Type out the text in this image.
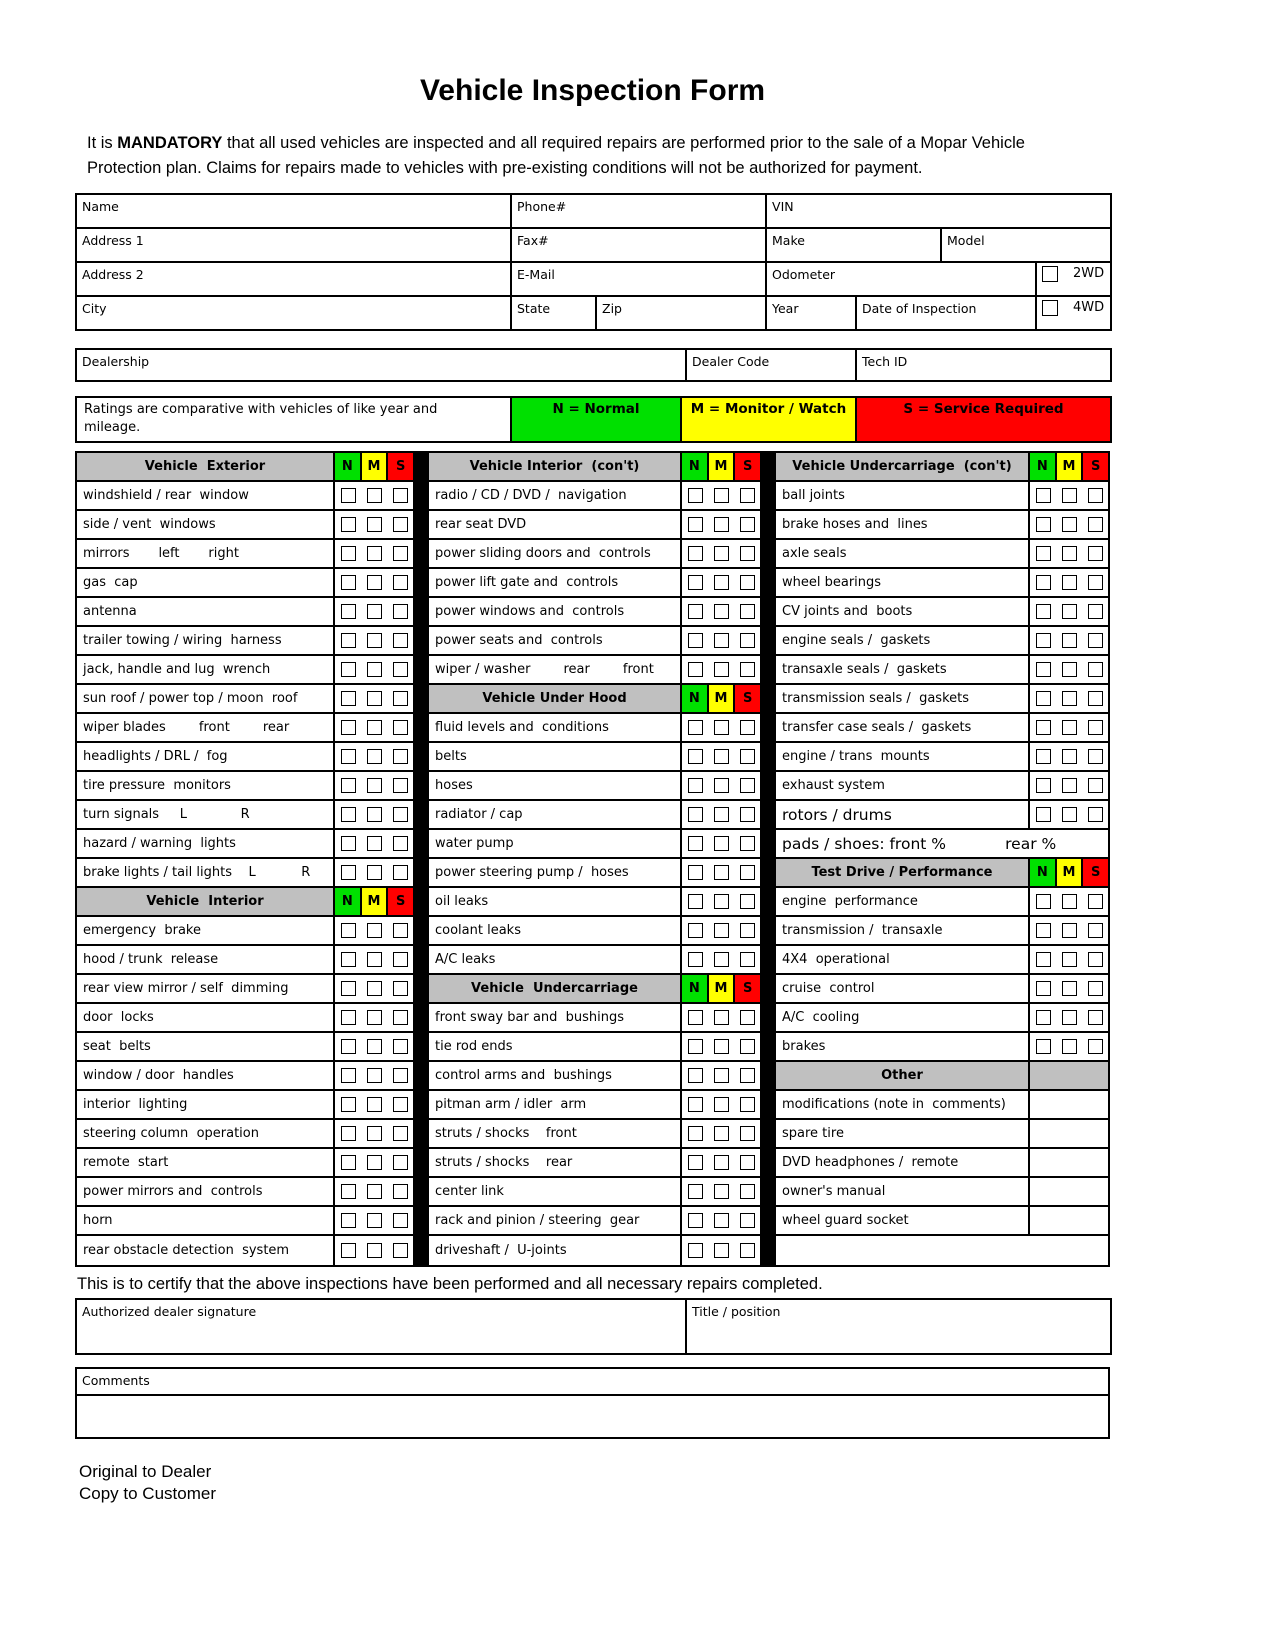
Vehicle Inspection Form

It is MANDATORY that all used vehicles are inspected and all required repairs are performed prior to the sale of a Mopar Vehicle Protection plan. Claims for repairs made to vehicles with pre-existing conditions will not be authorized for payment.

Name	Phone#		VIN			
Address 1	Fax#		Make		Model	
Address 2	E-Mail		Odometer			2WD

City	State	Zip	Year	Date of Inspection		4WD
Dealership	Dealer Code	Tech ID
Ratings are comparative with vehicles of like year and mileage.	N = Normal	M = Monitor / Watch	S = Service Required
Vehicle  Exterior	N	M	S
windshield / rear  window
side / vent  windows
mirrors       left       right
gas  cap
antenna
trailer towing / wiring  harness
jack, handle and lug  wrench
sun roof / power top / moon  roof
wiper blades        front        rear
headlights / DRL /  fog
tire pressure  monitors
turn signals     L             R
hazard / warning  lights
brake lights / tail lights    L           R
Vehicle  Interior	N	M	S
emergency  brake
hood / trunk  release
rear view mirror / self  dimming
door  locks
seat  belts
window / door  handles
interior  lighting
steering column  operation
remote  start
power mirrors and  controls
horn
rear obstacle detection  system
Vehicle Interior  (con't)	N	M	S
radio / CD / DVD /  navigation
rear seat DVD
power sliding doors and  controls
power lift gate and  controls
power windows and  controls
power seats and  controls
wiper / washer        rear        front
Vehicle Under Hood	N	M	S
fluid levels and  conditions
belts
hoses
radiator / cap
water pump
power steering pump /  hoses
oil leaks
coolant leaks
A/C leaks
Vehicle  Undercarriage	N	M	S
front sway bar and  bushings
tie rod ends
control arms and  bushings
pitman arm / idler  arm
struts / shocks    front
struts / shocks    rear
center link
rack and pinion / steering  gear
driveshaft /  U-joints
Vehicle Undercarriage  (con't)	N	M	S
ball joints
brake hoses and  lines
axle seals
wheel bearings
CV joints and  boots
engine seals /  gaskets
transaxle seals /  gaskets
transmission seals /  gaskets
transfer case seals /  gaskets
engine / trans  mounts
exhaust system
rotors / drums
pads / shoes: front %            rear %
Test Drive / Performance	N	M	S
engine  performance
transmission /  transaxle
4X4  operational
cruise  control
A/C  cooling
brakes
Other
modifications (note in  comments)
spare tire
DVD headphones /  remote
owner's manual
wheel guard socket

This is to certify that the above inspections have been performed and all necessary repairs completed.

Authorized dealer signature	Title / position
Comments

Original to Dealer
Copy to Customer
